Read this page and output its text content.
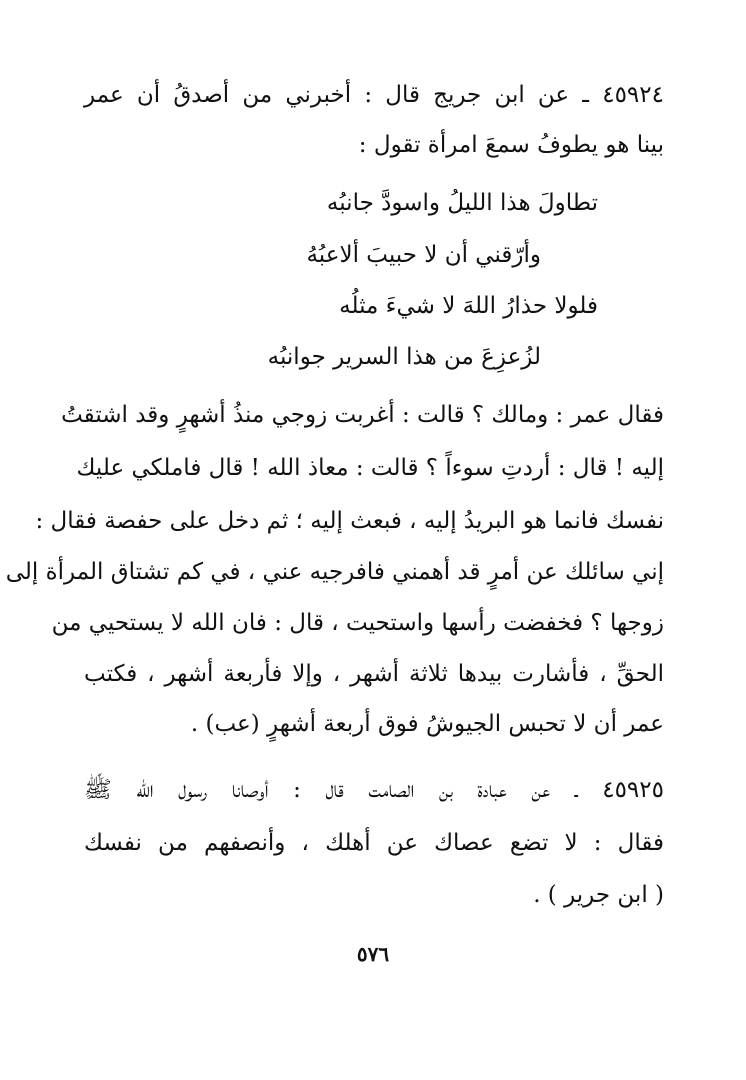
٤٥٩٢٤ ـ عن ابن جريج قال : أخبرني من أصدقُ أن عمر
بينا هو يطوفُ سمعَ امرأة تقول :
تطاولَ هذا الليلُ واسودَّ جانبُه
وأرّقني أن لا حبيبَ ألاعبُهُ
فلولا حذارُ اللهَ لا شيءَ مثلُه
لزُعزِعَ من هذا السرير جوانبُه
فقال عمر : ومالك ؟ قالت : أغربت زوجي منذُ أشهرٍ وقد اشتقتُ
إليه ! قال : أردتِ سوءاً ؟ قالت : معاذ الله ! قال فاملكي عليك
نفسك فانما هو البريدُ إليه ، فبعث إليه ؛ ثم دخل على حفصة فقال :
إني سائلك عن أمرٍ قد أهمني فافرجيه عني ، في كم تشتاق المرأة إلى
زوجها ؟ فخفضت رأسها واستحيت ، قال : فان الله لا يستحيي من
الحقِّ ، فأشارت بيدها ثلاثة أشهر ، وإلا فأربعة أشهر ، فكتب
عمر أن لا تحبس الجيوشُ فوق أربعة أشهرٍ (عب) .
٤٥٩٢٥ ـ عن عبادة بن الصامت قال : أوصانا رسول الله ﷺ
فقال : لا تضع عصاك عن أهلك ، وأنصفهم من نفسك
( ابن جرير ) .
٥٧٦
